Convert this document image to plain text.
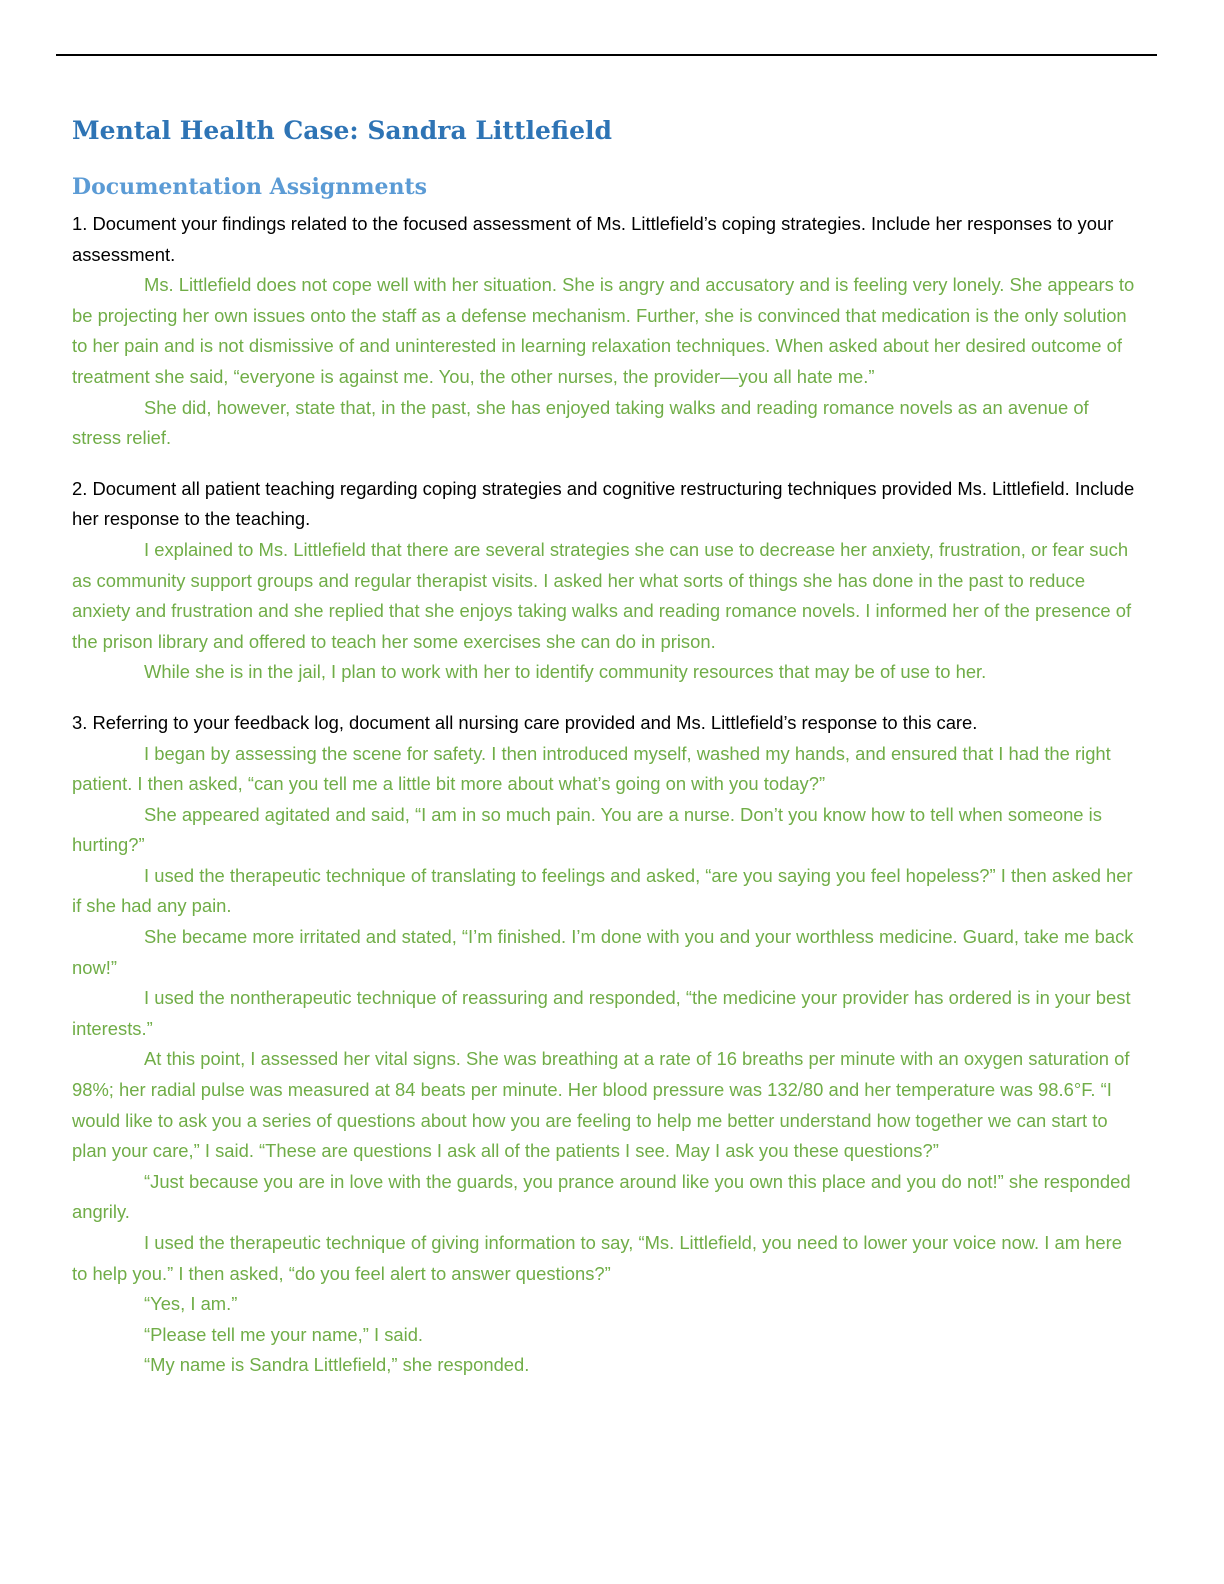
Mental Health Case: Sandra Littlefield
Documentation Assignments

1. Document your findings related to the focused assessment of Ms. Littlefield’s coping strategies. Include her responses to your assessment.

Ms. Littlefield does not cope well with her situation. She is angry and accusatory and is feeling very lonely. She appears to be projecting her own issues onto the staff as a defense mechanism. Further, she is convinced that medication is the only solution to her pain and is not dismissive of and uninterested in learning relaxation techniques. When asked about her desired outcome of treatment she said, “everyone is against me. You, the other nurses, the provider—you all hate me.”

She did, however, state that, in the past, she has enjoyed taking walks and reading romance novels as an avenue of stress relief.

2. Document all patient teaching regarding coping strategies and cognitive restructuring techniques provided Ms. Littlefield. Include her response to the teaching.

I explained to Ms. Littlefield that there are several strategies she can use to decrease her anxiety, frustration, or fear such as community support groups and regular therapist visits. I asked her what sorts of things she has done in the past to reduce anxiety and frustration and she replied that she enjoys taking walks and reading romance novels. I informed her of the presence of the prison library and offered to teach her some exercises she can do in prison.

While she is in the jail, I plan to work with her to identify community resources that may be of use to her.

3. Referring to your feedback log, document all nursing care provided and Ms. Littlefield’s response to this care.

I began by assessing the scene for safety. I then introduced myself, washed my hands, and ensured that I had the right patient. I then asked, “can you tell me a little bit more about what’s going on with you today?”

She appeared agitated and said, “I am in so much pain. You are a nurse. Don’t you know how to tell when someone is hurting?”

I used the therapeutic technique of translating to feelings and asked, “are you saying you feel hopeless?” I then asked her if she had any pain.

She became more irritated and stated, “I’m finished. I’m done with you and your worthless medicine. Guard, take me back now!”

I used the nontherapeutic technique of reassuring and responded, “the medicine your provider has ordered is in your best interests.”

At this point, I assessed her vital signs. She was breathing at a rate of 16 breaths per minute with an oxygen saturation of 98%; her radial pulse was measured at 84 beats per minute. Her blood pressure was 132/80 and her temperature was 98.6°F. “I would like to ask you a series of questions about how you are feeling to help me better understand how together we can start to plan your care,” I said. “These are questions I ask all of the patients I see. May I ask you these questions?”

“Just because you are in love with the guards, you prance around like you own this place and you do not!” she responded angrily.

I used the therapeutic technique of giving information to say, “Ms. Littlefield, you need to lower your voice now. I am here to help you.” I then asked, “do you feel alert to answer questions?”

“Yes, I am.”

“Please tell me your name,” I said.

“My name is Sandra Littlefield,” she responded.
